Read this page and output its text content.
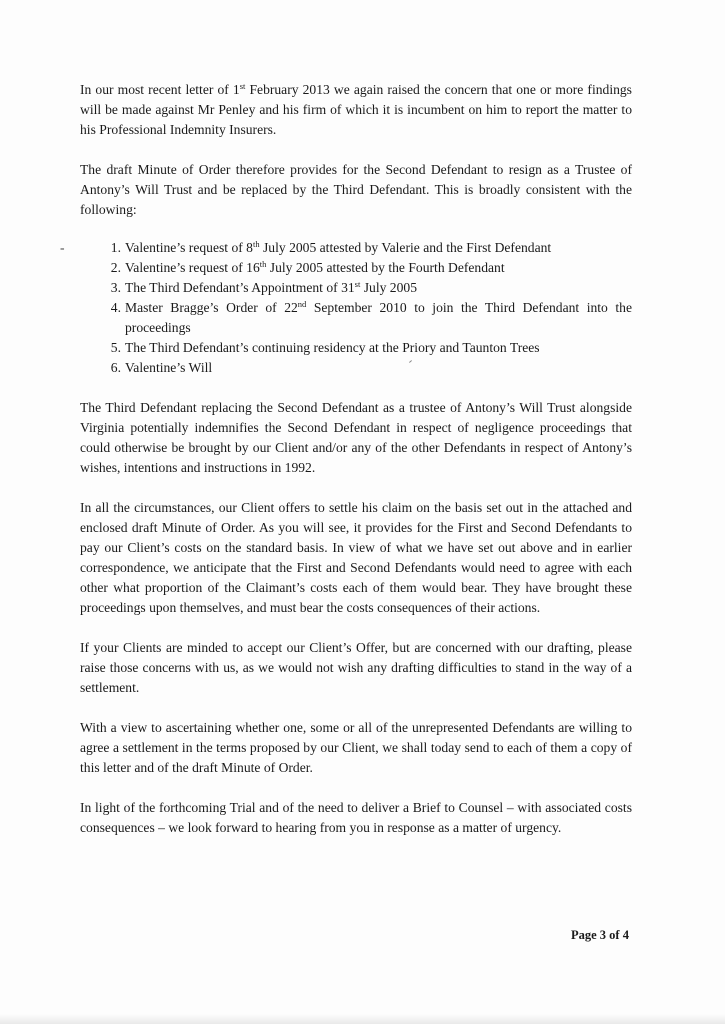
In our most recent letter of 1st February 2013 we again raised the concern that one or more findings will be made against Mr Penley and his firm of which it is incumbent on him to report the matter to his Professional Indemnity Insurers.

The draft Minute of Order therefore provides for the Second Defendant to resign as a Trustee of Antony’s Will Trust and be replaced by the Third Defendant. This is broadly consistent with the following:

-	1. Valentine’s request of 8th July 2005 attested by Valerie and the First Defendant
2. Valentine’s request of 16th July 2005 attested by the Fourth Defendant
3. The Third Defendant’s Appointment of 31st July 2005
4. Master Bragge’s Order of 22nd September 2010 to join the Third Defendant into the proceedings
5. The Third Defendant’s continuing residency at the Priory and Taunton Trees
6. Valentine’s Will

The Third Defendant replacing the Second Defendant as a trustee of Antony’s Will Trust alongside Virginia potentially indemnifies the Second Defendant in respect of negligence proceedings that could otherwise be brought by our Client and/or any of the other Defendants in respect of Antony’s wishes, intentions and instructions in 1992.

In all the circumstances, our Client offers to settle his claim on the basis set out in the attached and enclosed draft Minute of Order. As you will see, it provides for the First and Second Defendants to pay our Client’s costs on the standard basis. In view of what we have set out above and in earlier correspondence, we anticipate that the First and Second Defendants would need to agree with each other what proportion of the Claimant’s costs each of them would bear. They have brought these proceedings upon themselves, and must bear the costs consequences of their actions.

If your Clients are minded to accept our Client’s Offer, but are concerned with our drafting, please raise those concerns with us, as we would not wish any drafting difficulties to stand in the way of a settlement.

With a view to ascertaining whether one, some or all of the unrepresented Defendants are willing to agree a settlement in the terms proposed by our Client, we shall today send to each of them a copy of this letter and of the draft Minute of Order.

In light of the forthcoming Trial and of the need to deliver a Brief to Counsel – with associated costs consequences – we look forward to hearing from you in response as a matter of urgency.

Page 3 of 4
